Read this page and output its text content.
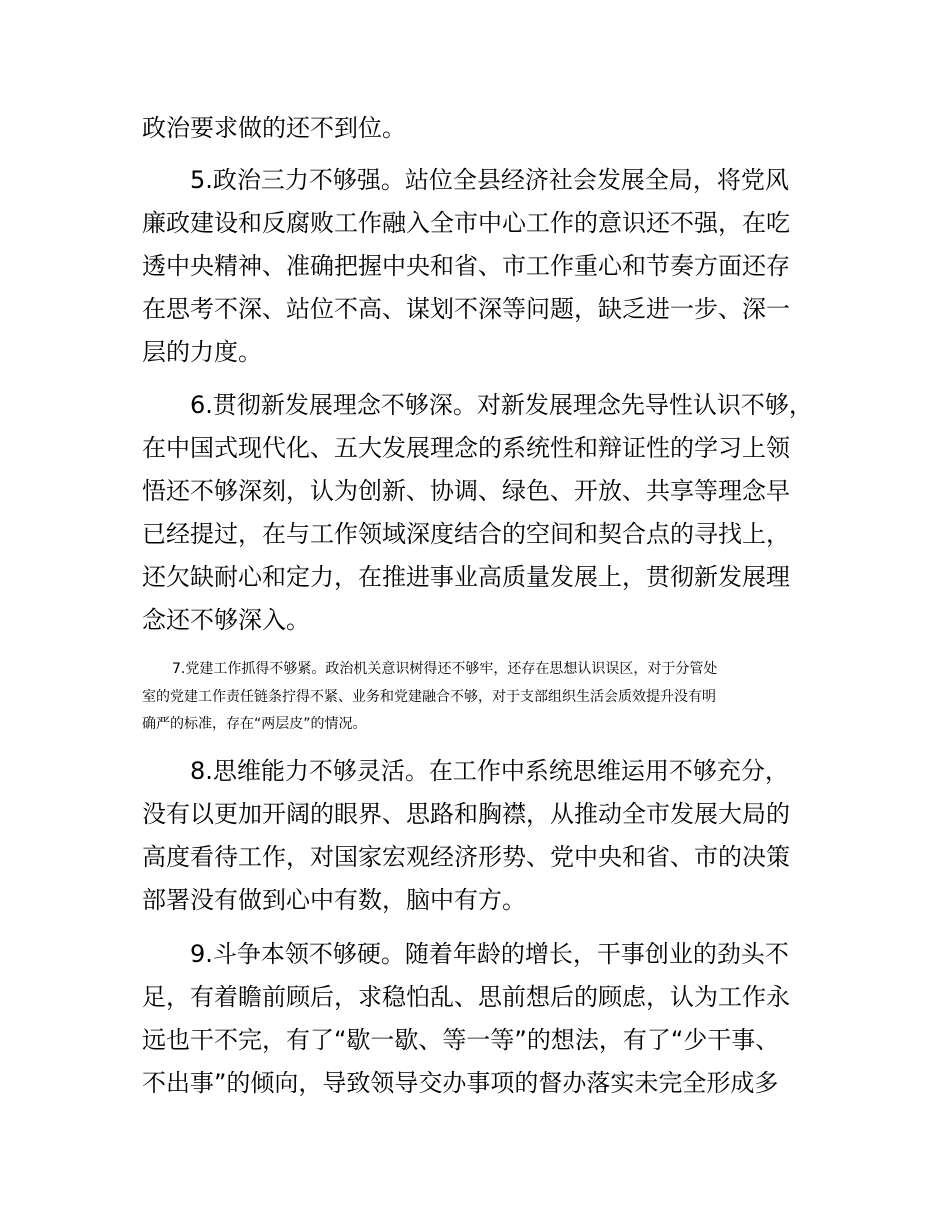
政治要求做的还不到位。
5.政治三力不够强。站位全县经济社会发展全局，将党风
廉政建设和反腐败工作融入全市中心工作的意识还不强，在吃
透中央精神、准确把握中央和省、市工作重心和节奏方面还存
在思考不深、站位不高、谋划不深等问题，缺乏进一步、深一
层的力度。
6.贯彻新发展理念不够深。对新发展理念先导性认识不够，
在中国式现代化、五大发展理念的系统性和辩证性的学习上领
悟还不够深刻，认为创新、协调、绿色、开放、共享等理念早
已经提过，在与工作领域深度结合的空间和契合点的寻找上，
还欠缺耐心和定力，在推进事业高质量发展上，贯彻新发展理
念还不够深入。
7.党建工作抓得不够紧。政治机关意识树得还不够牢，还存在思想认识误区，对于分管处
室的党建工作责任链条拧得不紧、业务和党建融合不够，对于支部组织生活会质效提升没有明
确严的标准，存在“两层皮”的情况。
8.思维能力不够灵活。在工作中系统思维运用不够充分，
没有以更加开阔的眼界、思路和胸襟，从推动全市发展大局的
高度看待工作，对国家宏观经济形势、党中央和省、市的决策
部署没有做到心中有数，脑中有方。
9.斗争本领不够硬。随着年龄的增长，干事创业的劲头不
足，有着瞻前顾后，求稳怕乱、思前想后的顾虑，认为工作永
远也干不完，有了“歇一歇、等一等”的想法，有了“少干事、
不出事”的倾向，导致领导交办事项的督办落实未完全形成多
